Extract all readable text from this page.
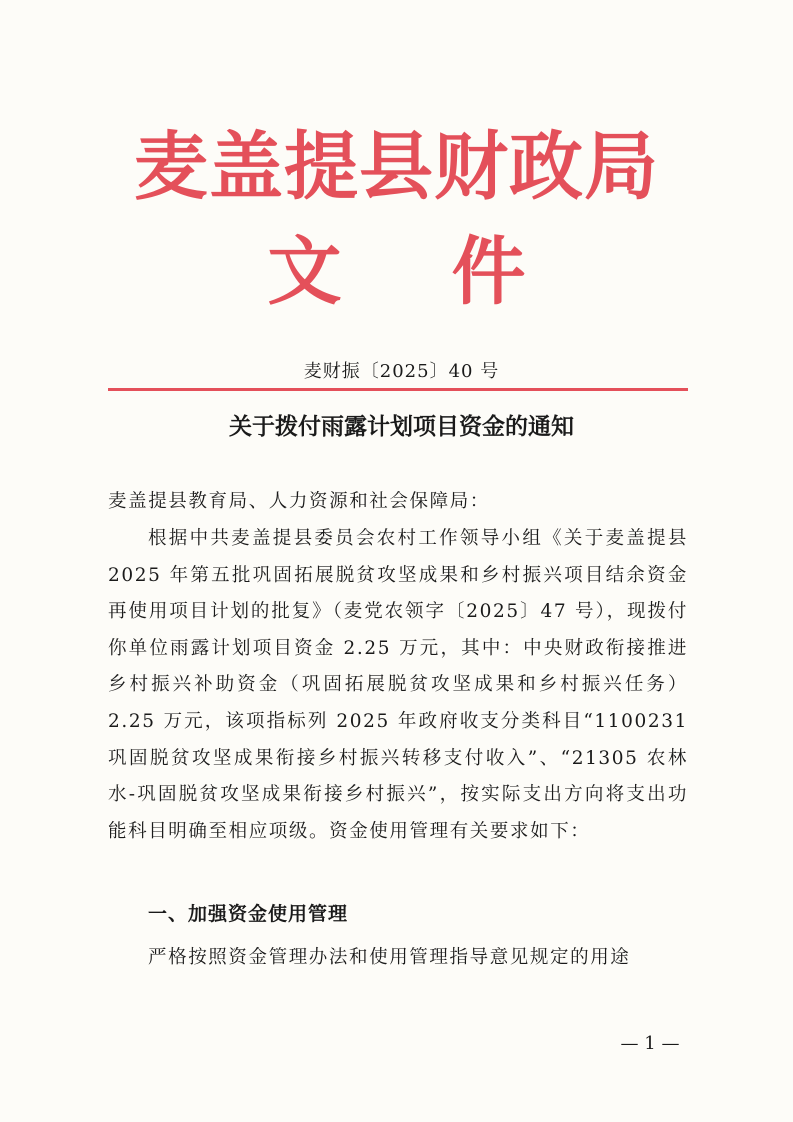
麦盖提县财政局
文件

麦财振〔2025〕40 号

关于拨付雨露计划项目资金的通知

麦盖提县教育局、人力资源和社会保障局：

根据中共麦盖提县委员会农村工作领导小组《关于麦盖提县 2025 年第五批巩固拓展脱贫攻坚成果和乡村振兴项目结余资金再使用项目计划的批复》（麦党农领字〔2025〕47 号），现拨付你单位雨露计划项目资金 2.25 万元，其中：中央财政衔接推进乡村振兴补助资金（巩固拓展脱贫攻坚成果和乡村振兴任务）2.25 万元，该项指标列 2025 年政府收支分类科目“1100231 巩固脱贫攻坚成果衔接乡村振兴转移支付收入”、“21305 农林水-巩固脱贫攻坚成果衔接乡村振兴”，按实际支出方向将支出功能科目明确至相应项级。资金使用管理有关要求如下：

一、加强资金使用管理

严格按照资金管理办法和使用管理指导意见规定的用途

— 1 —
